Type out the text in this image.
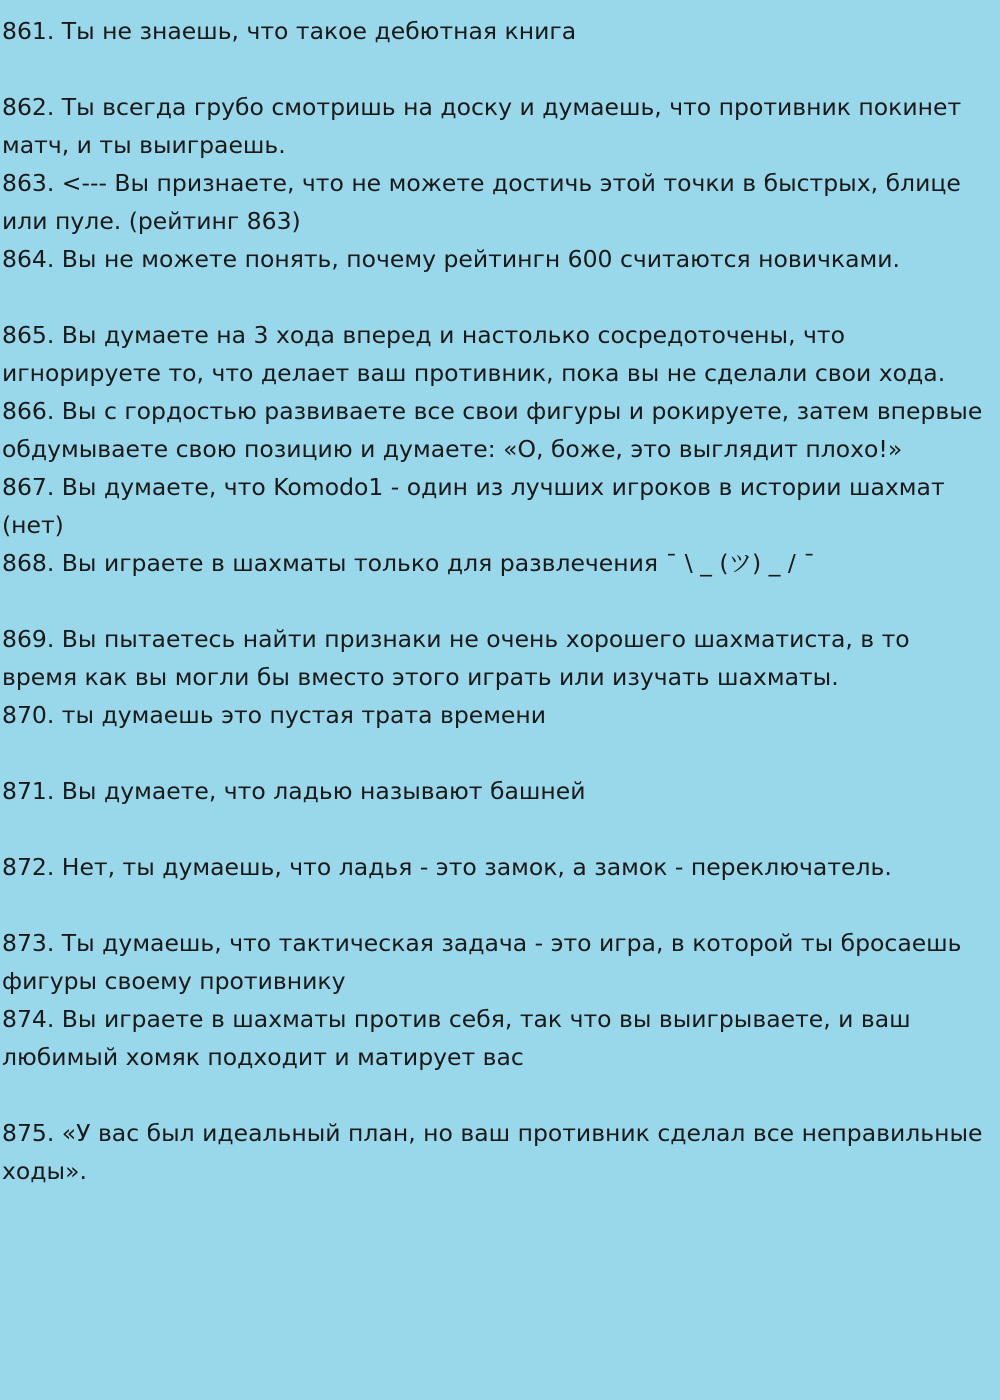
861. Ты не знаешь, что такое дебютная книга
862. Ты всегда грубо смотришь на доску и думаешь, что противник покинет матч, и ты выиграешь.
863. <--- Вы признаете, что не можете достичь этой точки в быстрых, блице или пуле. (рейтинг 863)
864. Вы не можете понять, почему рейтингн 600 считаются новичками.
865. Вы думаете на 3 хода вперед и настолько сосредоточены, что игнорируете то, что делает ваш противник, пока вы не сделали свои хода.
866. Вы с гордостью развиваете все свои фигуры и рокируете, затем впервые обдумываете свою позицию и думаете: «О, боже, это выглядит плохо!»
867. Вы думаете, что Komodo1 - один из лучших игроков в истории шахмат (нет)
868. Вы играете в шахматы только для развлечения ¯ \ _ (ツ) _ / ¯
869. Вы пытаетесь найти признаки не очень хорошего шахматиста, в то время как вы могли бы вместо этого играть или изучать шахматы.
870. ты думаешь это пустая трата времени
871. Вы думаете, что ладью называют башней
872. Нет, ты думаешь, что ладья - это замок, а замок - переключатель.
873. Ты думаешь, что тактическая задача - это игра, в которой ты бросаешь фигуры своему противнику
874. Вы играете в шахматы против себя, так что вы выигрываете, и ваш любимый хомяк подходит и матирует вас
875. «У вас был идеальный план, но ваш противник сделал все неправильные ходы».
